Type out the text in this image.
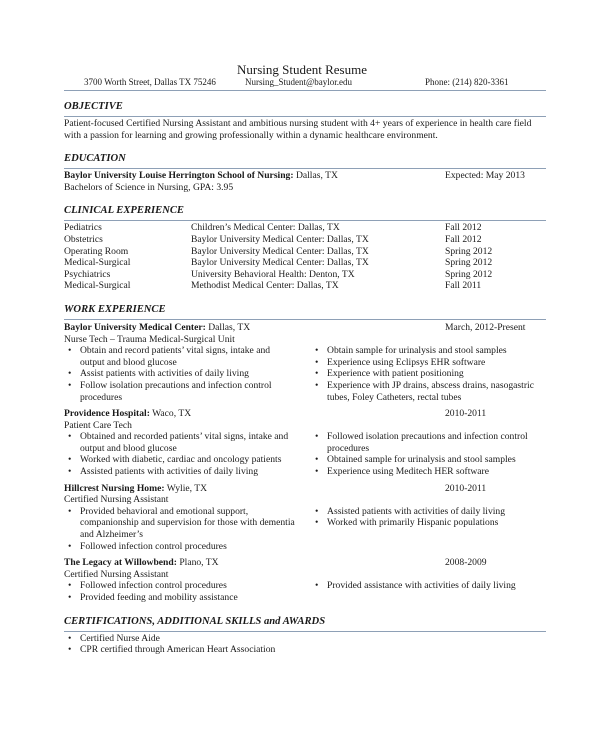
Nursing Student Resume
3700 Worth Street, Dallas TX 75246	Nursing_Student@baylor.edu	Phone: (214) 820-3361
OBJECTIVE

Patient-focused Certified Nursing Assistant and ambitious nursing student with 4+ years of experience in health care field with a passion for learning and growing professionally within a dynamic healthcare environment.

EDUCATION
Baylor University Louise Herrington School of Nursing: Dallas, TX	Expected: May 2013
Bachelors of Science in Nursing, GPA: 3.95
CLINICAL EXPERIENCE
Pediatrics	Children’s Medical Center: Dallas, TX	Fall 2012
Obstetrics	Baylor University Medical Center: Dallas, TX	Fall 2012
Operating Room	Baylor University Medical Center: Dallas, TX	Spring 2012
Medical-Surgical	Baylor University Medical Center: Dallas, TX	Spring 2012
Psychiatrics	University Behavioral Health: Denton, TX	Spring 2012
Medical-Surgical	Methodist Medical Center: Dallas, TX	Fall 2011
WORK EXPERIENCE
Baylor University Medical Center: Dallas, TX	March, 2012-Present
Nurse Tech – Trauma Medical-Surgical Unit
• Obtain and record patients’ vital signs, intake and output and blood glucose
• Assist patients with activities of daily living
• Follow isolation precautions and infection control procedures
• Obtain sample for urinalysis and stool samples
• Experience using Eclipsys EHR software
• Experience with patient positioning
• Experience with JP drains, abscess drains, nasogastric tubes, Foley Catheters, rectal tubes
Providence Hospital: Waco, TX	2010-2011
Patient Care Tech
• Obtained and recorded patients’ vital signs, intake and output and blood glucose
• Worked with diabetic, cardiac and oncology patients
• Assisted patients with activities of daily living
• Followed isolation precautions and infection control procedures
• Obtained sample for urinalysis and stool samples
• Experience using Meditech HER software
Hillcrest Nursing Home: Wylie, TX	2010-2011
Certified Nursing Assistant
• Provided behavioral and emotional support, companionship and supervision for those with dementia and Alzheimer’s
• Followed infection control procedures
• Assisted patients with activities of daily living
• Worked with primarily Hispanic populations
The Legacy at Willowbend: Plano, TX	2008-2009
Certified Nursing Assistant
• Followed infection control procedures
• Provided feeding and mobility assistance
• Provided assistance with activities of daily living
CERTIFICATIONS, ADDITIONAL SKILLS and AWARDS
• Certified Nurse Aide
• CPR certified through American Heart Association
